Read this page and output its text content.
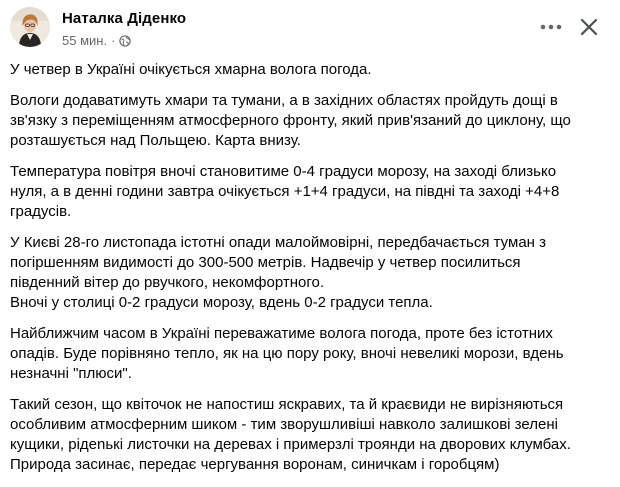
Наталка Діденко
55 мин. ·

У четвер в Україні очікується хмарна волога погода.

Вологи додаватимуть хмари та тумани, а в західних областях пройдуть дощі в
зв'язку з переміщенням атмосферного фронту, який прив'язаний до циклону, що
розташується над Польщею. Карта внизу.

Температура повітря вночі становитиме 0-4 градуси морозу, на заході близько
нуля, а в денні години завтра очікується +1+4 градуси, на півдні та заході +4+8
градусів.

У Києві 28-го листопада істотні опади малоймовірні, передбачається туман з
погіршенням видимості до 300-500 метрів. Надвечір у четвер посилиться
південний вітер до рвучкого, некомфортного.
Вночі у столиці 0-2 градуси морозу, вдень 0-2 градуси тепла.

Найближчим часом в Україні переважатиме волога погода, проте без істотних
опадів. Буде порівняно тепло, як на цю пору року, вночі невеликі морози, вдень
незначні "плюси".

Такий сезон, що квіточок не напостиш яскравих, та й краєвиди не вирізняються
особливим атмосферним шиком - тим зворушливіші навколо залишкові зелені
кущики, рідenькі листочки на деревах і примерзлі троянди на дворових клумбах.
Природа засинає, передає чергування воронам, синичкам і горобцям)
